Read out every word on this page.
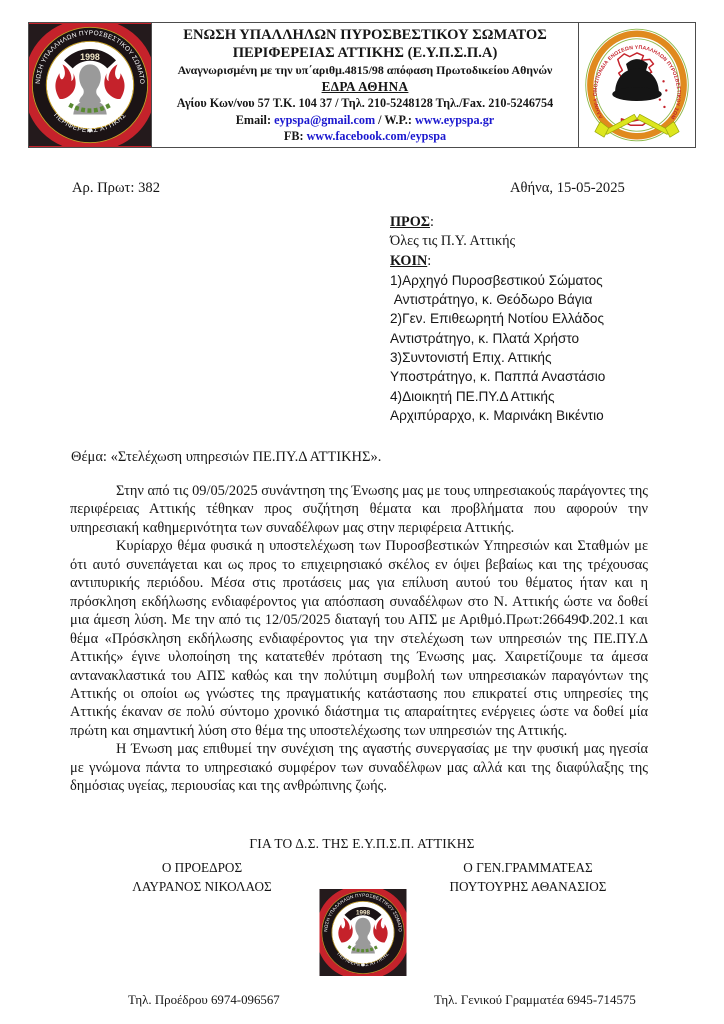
ΕΝΩΣΗ ΥΠΑΛΛΗΛΩΝ ΠΥΡΟΣΒΕΣΤΙΚΟΥ ΣΩΜΑΤΟΣ
ΠΕΡΙΦΕΡΕΙΑΣ ΑΤΤΙΚΗΣ (Ε.Υ.Π.Σ.Π.Α)
Αναγνωρισμένη με την υπ΄αριθμ.4815/98 απόφαση Πρωτοδικείου Αθηνών
ΕΔΡΑ ΑΘΗΝΑ
Αγίου Κων/νου 57 Τ.Κ. 104 37 / Τηλ. 210-5248128 Τηλ./Fax. 210-5246754
Email: eypspa@gmail.com / W.P.: www.eypspa.gr
FB: www.facebook.com/eypspa
Αρ. Πρωτ: 382	Αθήνα, 15-05-2025
ΠΡΟΣ:
Όλες τις Π.Υ. Αττικής
ΚΟΙΝ:
1)Αρχηγό Πυροσβεστικού Σώματος
Αντιστράτηγο, κ. Θεόδωρο Βάγια
2)Γεν. Επιθεωρητή Νοτίου Ελλάδος
Αντιστράτηγο, κ. Πλατά Χρήστο
3)Συντονιστή Επιχ. Αττικής
Υποστράτηγο, κ. Παππά Αναστάσιο
4)Διοικητή ΠΕ.ΠΥ.Δ Αττικής
Αρχιπύραρχο, κ. Μαρινάκη Βικέντιο
Θέμα: «Στελέχωση υπηρεσιών ΠΕ.ΠΥ.Δ ΑΤΤΙΚΗΣ».

Στην από τις 09/05/2025 συνάντηση της Ένωσης μας με τους υπηρεσιακούς παράγοντες της περιφέρειας Αττικής τέθηκαν προς συζήτηση θέματα και προβλήματα που αφορούν την υπηρεσιακή καθημερινότητα των συναδέλφων μας στην περιφέρεια Αττικής.

Κυρίαρχο θέμα φυσικά η υποστελέχωση των Πυροσβεστικών Υπηρεσιών και Σταθμών με ότι αυτό συνεπάγεται και ως προς το επιχειρησιακό σκέλος εν όψει βεβαίως και της τρέχουσας αντιπυρικής περιόδου. Μέσα στις προτάσεις μας για επίλυση αυτού του θέματος ήταν και η πρόσκληση εκδήλωσης ενδιαφέροντος για απόσπαση συναδέλφων στο Ν. Αττικής ώστε να δοθεί μια άμεση λύση. Με την από τις 12/05/2025 διαταγή του ΑΠΣ με Αριθμό.Πρωτ:26649Φ.202.1 και θέμα «Πρόσκληση εκδήλωσης ενδιαφέροντος για την στελέχωση των υπηρεσιών της ΠΕ.ΠΥ.Δ Αττικής» έγινε υλοποίηση της κατατεθέν πρόταση της Ένωσης μας. Χαιρετίζουμε τα άμεσα αντανακλαστικά του ΑΠΣ καθώς και την πολύτιμη συμβολή των υπηρεσιακών παραγόντων της Αττικής οι οποίοι ως γνώστες της πραγματικής κατάστασης που επικρατεί στις υπηρεσίες της Αττικής έκαναν σε πολύ σύντομο χρονικό διάστημα τις απαραίτητες ενέργειες ώστε να δοθεί μία πρώτη και σημαντική λύση στο θέμα της υποστελέχωσης των υπηρεσιών της Αττικής.

Η Ένωση μας επιθυμεί την συνέχιση της αγαστής συνεργασίας με την φυσική μας ηγεσία με γνώμονα πάντα το υπηρεσιακό συμφέρον των συναδέλφων μας αλλά και της διαφύλαξης της δημόσιας υγείας, περιουσίας και της ανθρώπινης ζωής.

ΓΙΑ ΤΟ Δ.Σ. ΤΗΣ Ε.Υ.Π.Σ.Π. ΑΤΤΙΚΗΣ
Ο ΠΡΟΕΔΡΟΣ
ΛΑΥΡΑΝΟΣ ΝΙΚΟΛΑΟΣ
Ο ΓΕΝ.ΓΡΑΜΜΑΤΕΑΣ
ΠΟΥΤΟΥΡΗΣ ΑΘΑΝΑΣΙΟΣ
Τηλ. Προέδρου 6974-096567	Τηλ. Γενικού Γραμματέα 6945-714575
